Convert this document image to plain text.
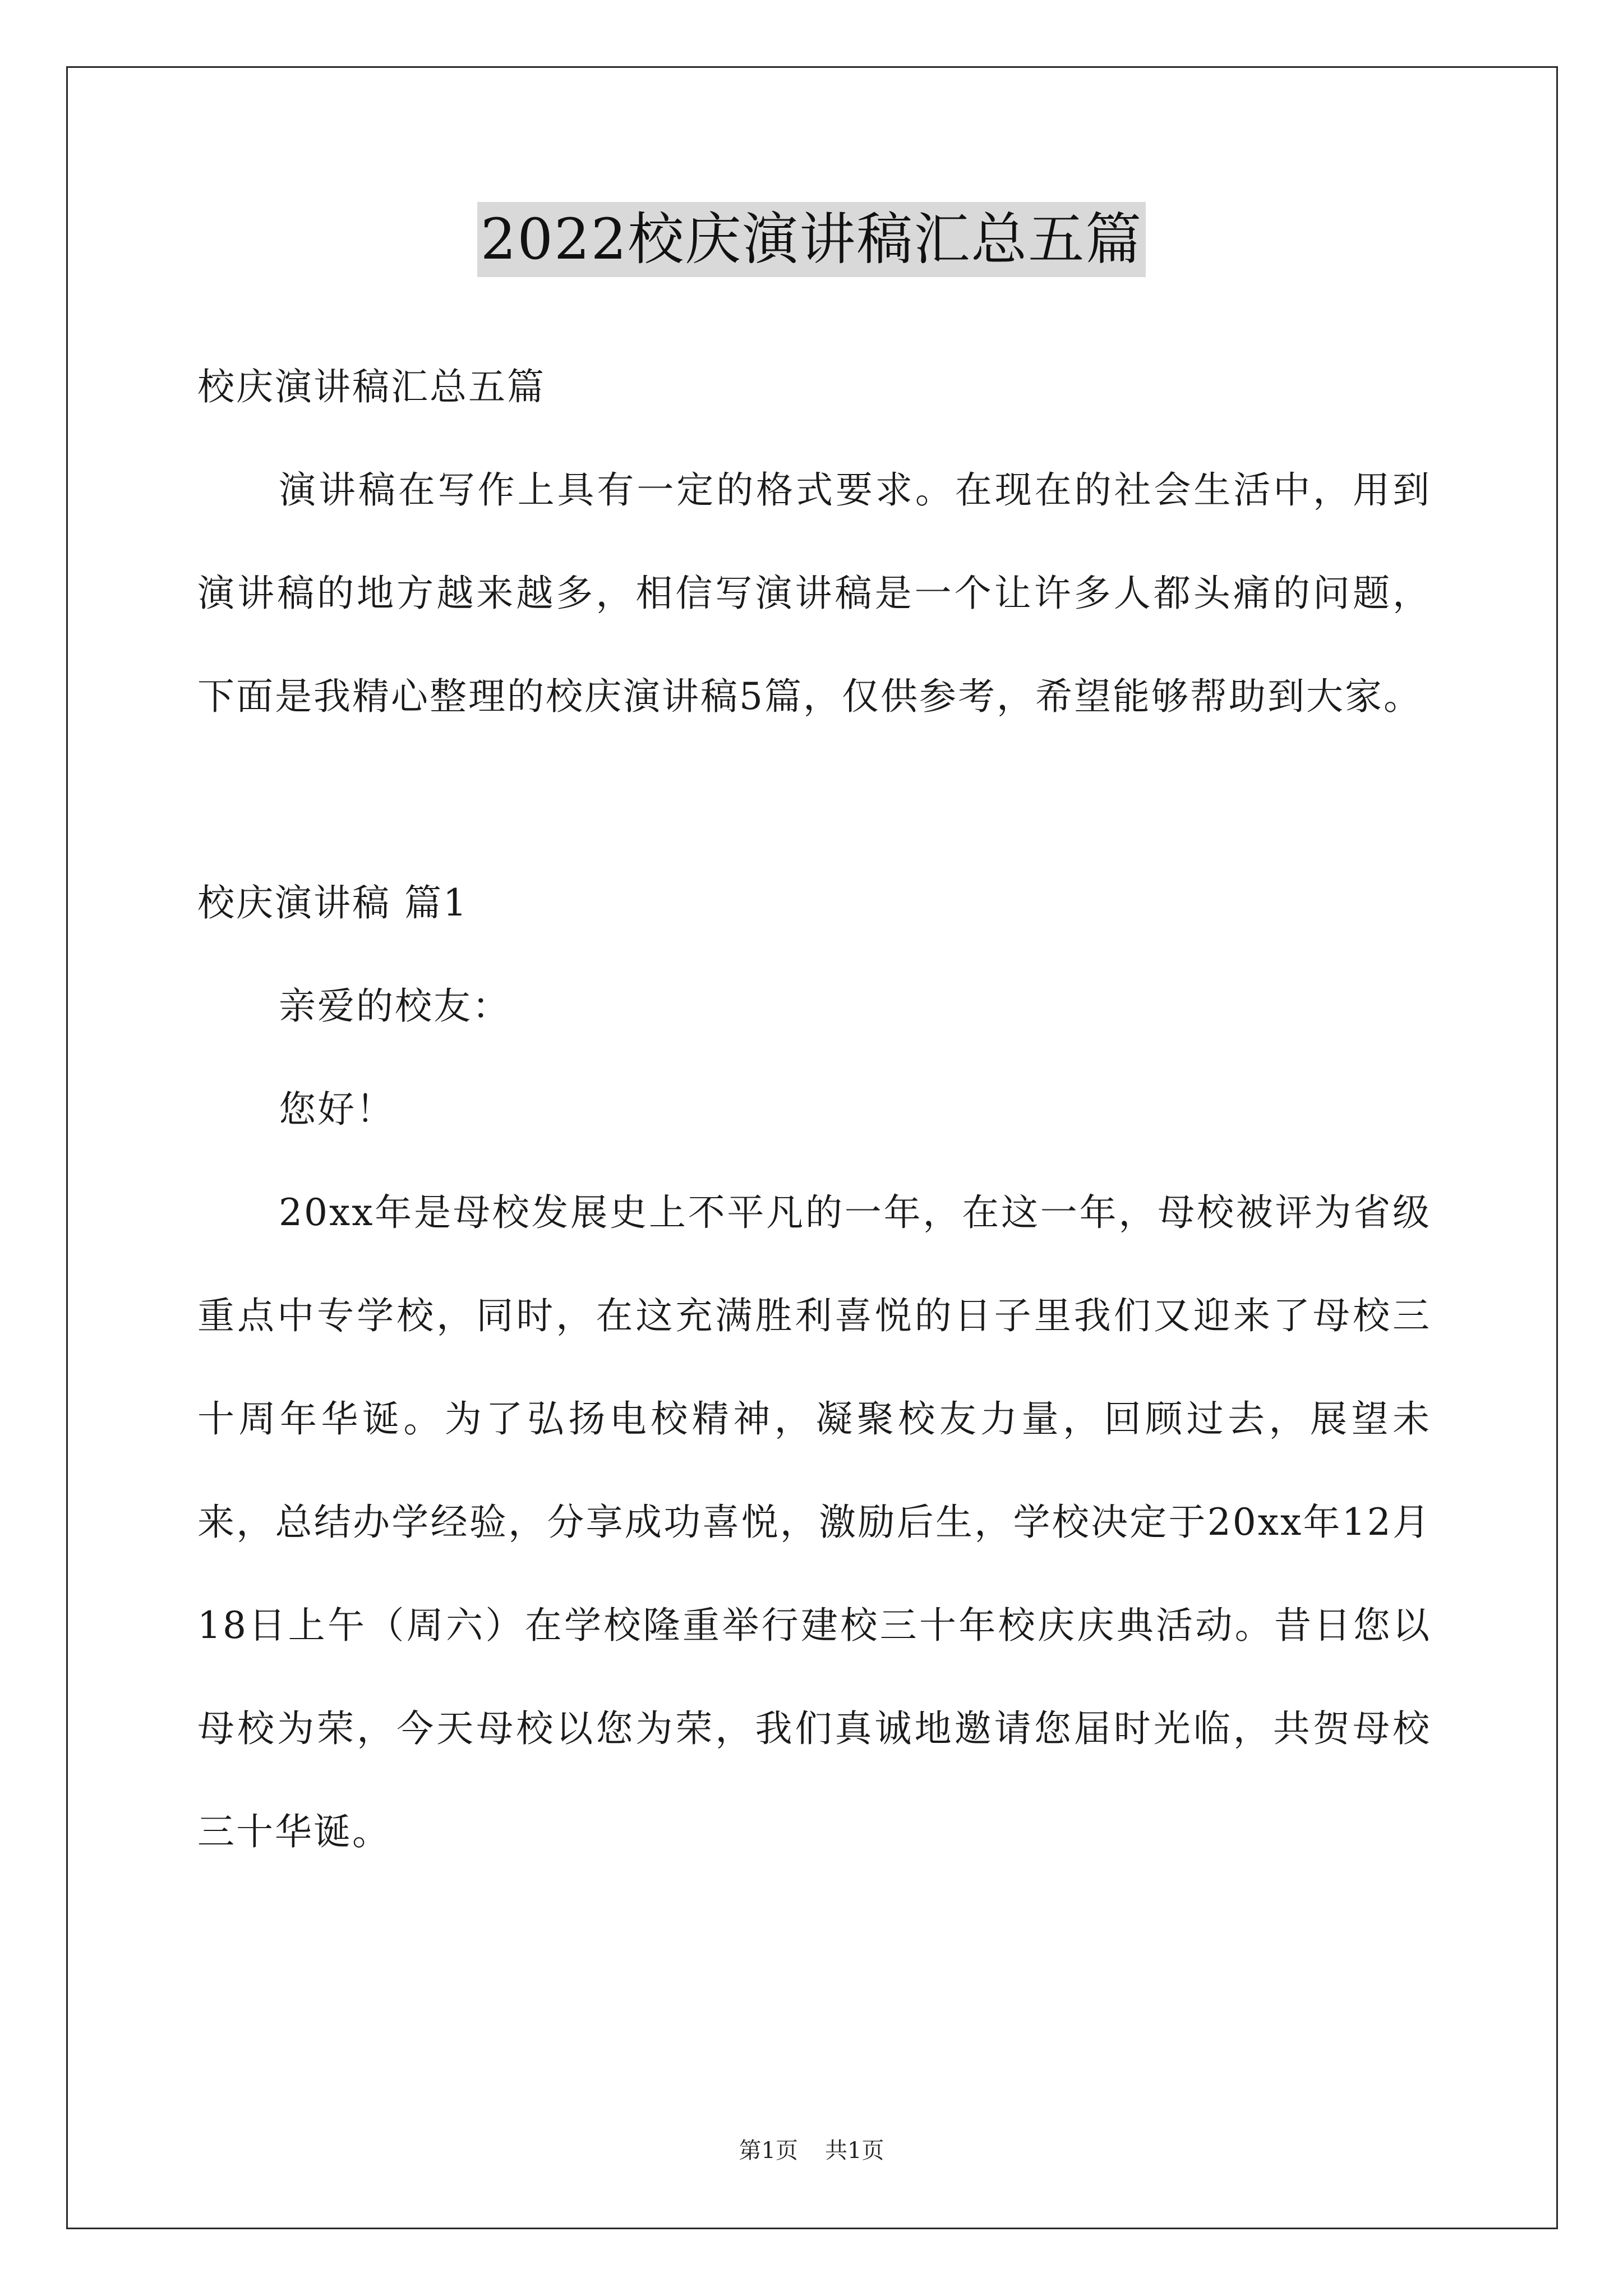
2022校庆演讲稿汇总五篇

校庆演讲稿汇总五篇

演讲稿在写作上具有一定的格式要求。在现在的社会生活中，用到演讲稿的地方越来越多，相信写演讲稿是一个让许多人都头痛的问题，下面是我精心整理的校庆演讲稿5篇，仅供参考，希望能够帮助到大家。

校庆演讲稿 篇1

亲爱的校友：

您好！

20xx年是母校发展史上不平凡的一年，在这一年，母校被评为省级重点中专学校，同时，在这充满胜利喜悦的日子里我们又迎来了母校三十周年华诞。为了弘扬电校精神，凝聚校友力量，回顾过去，展望未来，总结办学经验，分享成功喜悦，激励后生，学校决定于20xx年12月18日上午（周六）在学校隆重举行建校三十年校庆庆典活动。昔日您以母校为荣，今天母校以您为荣，我们真诚地邀请您届时光临，共贺母校三十华诞。

第1页 共1页
